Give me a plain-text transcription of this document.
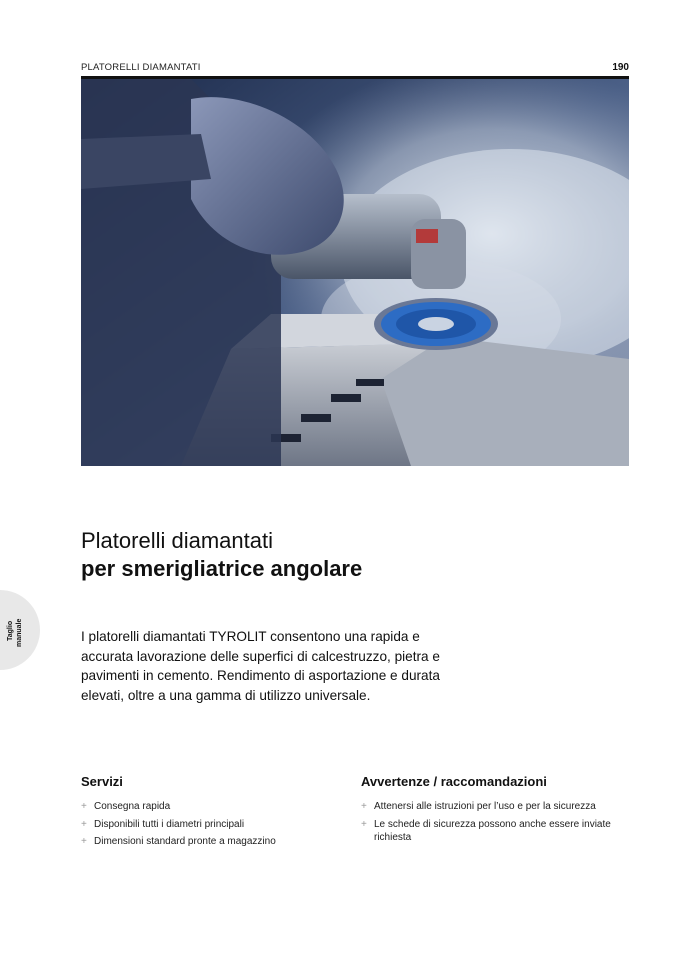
PLATORELLI DIAMANTATI	190
Platorelli diamantati
per smerigliatrice angolare
Taglio manuale	I platorelli diamantati TYROLIT consentono una rapida e accurata lavorazione delle superfici di calcestruzzo, pietra e pavimenti in cemento. Rendimento di asportazione e durata elevati, oltre a una gamma di utilizzo universale.

Servizi
+ Consegna rapida
+ Disponibili tutti i diametri principali
+ Dimensioni standard pronte a magazzino
Avvertenze / raccomandazioni
+ Attenersi alle istruzioni per l’uso e per la sicurezza
+ Le schede di sicurezza possono anche essere inviate richiesta
